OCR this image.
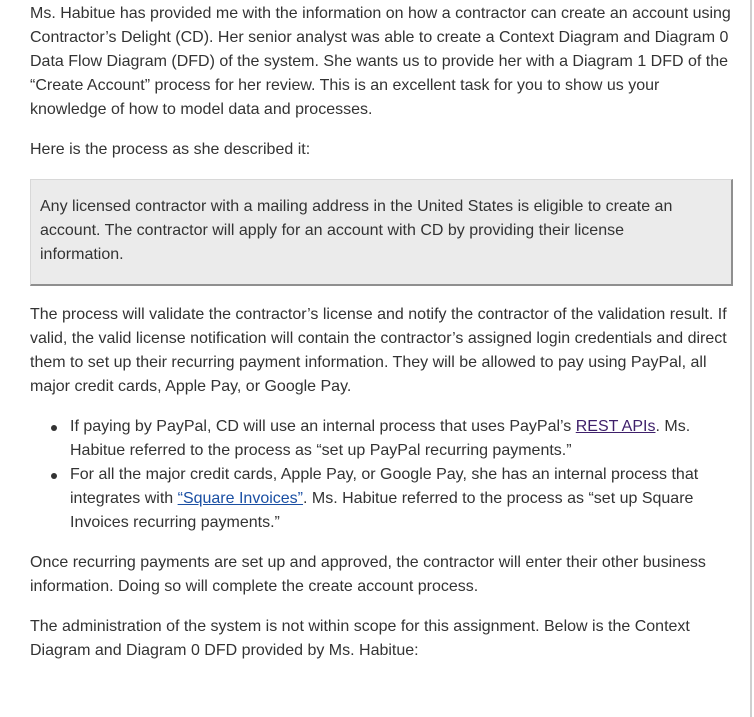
Ms. Habitue has provided me with the information on how a contractor can create an account using Contractor’s Delight (CD). Her senior analyst was able to create a Context Diagram and Diagram 0 Data Flow Diagram (DFD) of the system. She wants us to provide her with a Diagram 1 DFD of the “Create Account” process for her review. This is an excellent task for you to show us your knowledge of how to model data and processes.

Here is the process as she described it:

Any licensed contractor with a mailing address in the United States is eligible to create an account. The contractor will apply for an account with CD by providing their license information.

The process will validate the contractor’s license and notify the contractor of the validation result. If valid, the valid license notification will contain the contractor’s assigned login credentials and direct them to set up their recurring payment information. They will be allowed to pay using PayPal, all major credit cards, Apple Pay, or Google Pay.

If paying by PayPal, CD will use an internal process that uses PayPal’s REST APIs. Ms. Habitue referred to the process as “set up PayPal recurring payments.”
For all the major credit cards, Apple Pay, or Google Pay, she has an internal process that integrates with “Square Invoices”. Ms. Habitue referred to the process as “set up Square Invoices recurring payments.”

Once recurring payments are set up and approved, the contractor will enter their other business information. Doing so will complete the create account process.

The administration of the system is not within scope for this assignment. Below is the Context Diagram and Diagram 0 DFD provided by Ms. Habitue:
